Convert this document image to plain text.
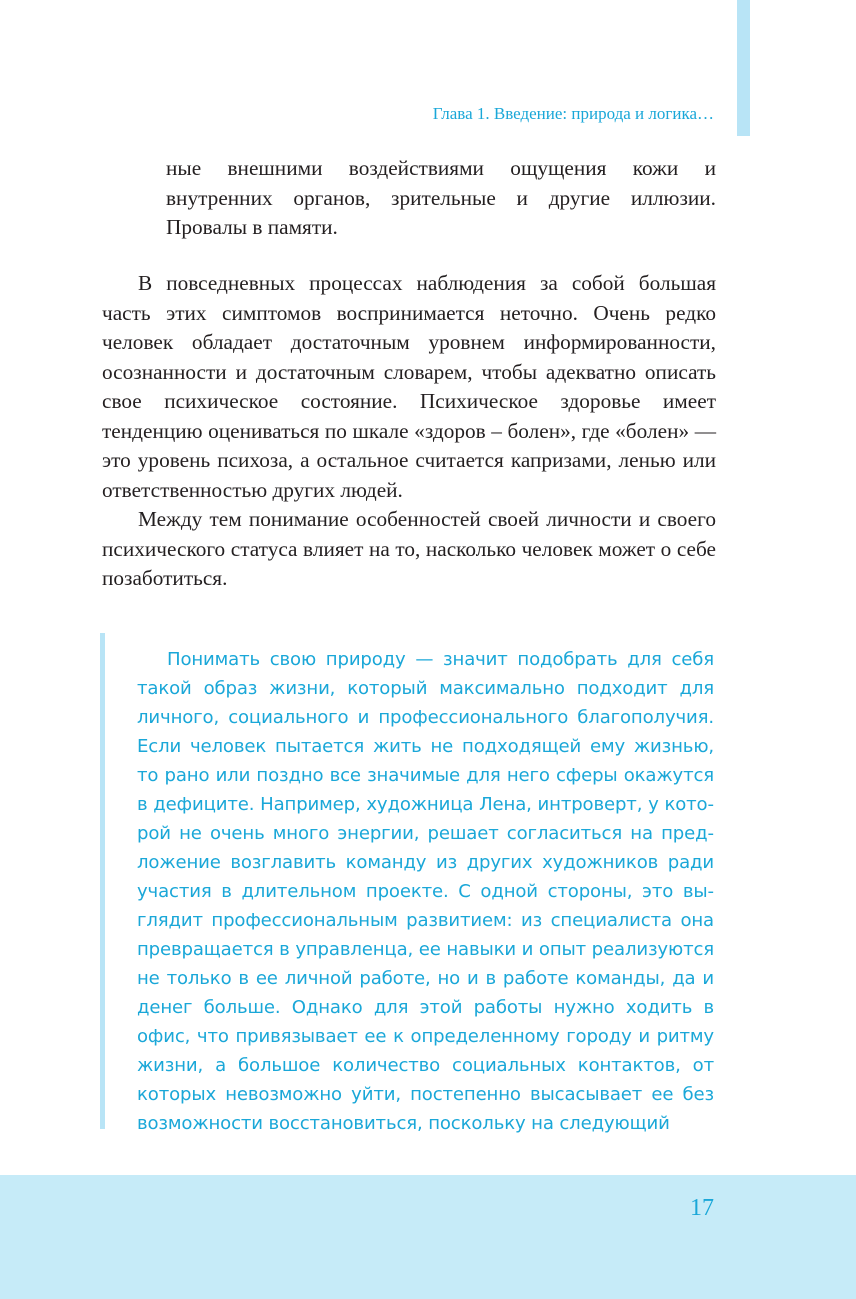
Глава 1. Введение: природа и логика…

ные внешними воздействиями ощущения кожи и внутренних органов, зрительные и другие иллюзии. Провалы в памяти.

В повседневных процессах наблюдения за собой большая часть этих симптомов воспринимается неточно. Очень редко человек обладает достаточным уровнем информированности, осознанности и достаточным словарем, чтобы адекватно описать свое психическое состояние. Психическое здоровье имеет тенденцию оцениваться по шкале «здоров – болен», где «болен» — это уровень психоза, а остальное считается капризами, ленью или ответственностью других людей.

Между тем понимание особенностей своей личности и своего психического статуса влияет на то, насколько человек может о себе позаботиться.

Понимать свою природу — значит подобрать для себя такой образ жизни, который максимально подходит для личного, социального и профессионального благополучия. Если человек пытается жить не подходящей ему жизнью, то рано или поздно все значимые для него сферы окажутся в дефиците. Например, художница Лена, интроверт, у которой не очень много энергии, решает согласиться на предложение возглавить команду из других художников ради участия в длительном проекте. С одной стороны, это выглядит профессиональным развитием: из специалиста она превращается в управленца, ее навыки и опыт реализуются не только в ее личной работе, но и в работе команды, да и денег больше. Однако для этой работы нужно ходить в офис, что привязывает ее к определенному городу и ритму жизни, а большое количество социальных контактов, от которых невозможно уйти, постепенно высасывает ее без возможности восстановиться, поскольку на следующий

17
